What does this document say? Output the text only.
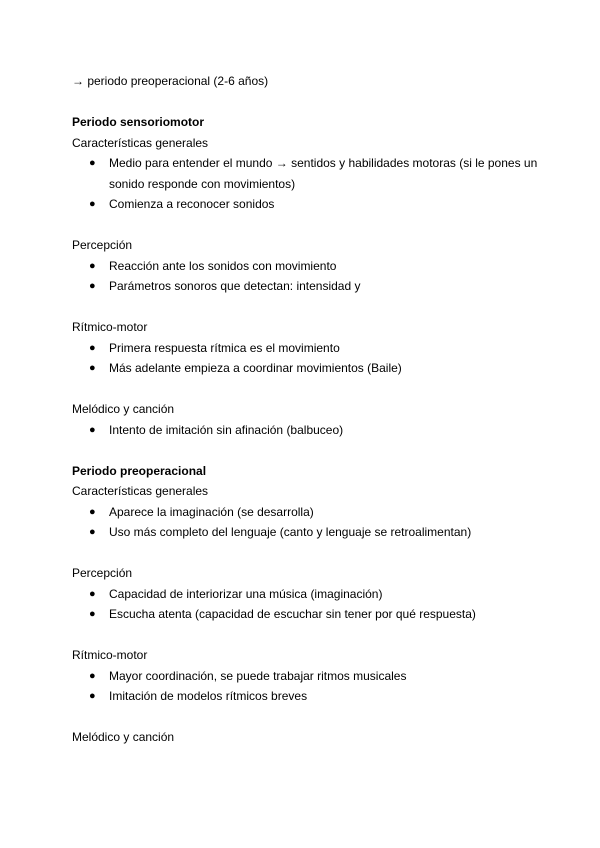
→ periodo preoperacional (2-6 años)
Periodo sensoriomotor
Características generales
● Medio para entender el mundo → sentidos y habilidades motoras (si le pones un sonido responde con movimientos)
● Comienza a reconocer sonidos
Percepción
● Reacción ante los sonidos con movimiento
● Parámetros sonoros que detectan: intensidad y
Rítmico-motor
● Primera respuesta rítmica es el movimiento
● Más adelante empieza a coordinar movimientos (Baile)
Melódico y canción
● Intento de imitación sin afinación (balbuceo)
Periodo preoperacional
Características generales
● Aparece la imaginación (se desarrolla)
● Uso más completo del lenguaje (canto y lenguaje se retroalimentan)
Percepción
● Capacidad de interiorizar una música (imaginación)
● Escucha atenta (capacidad de escuchar sin tener por qué respuesta)
Rítmico-motor
● Mayor coordinación, se puede trabajar ritmos musicales
● Imitación de modelos rítmicos breves
Melódico y canción
